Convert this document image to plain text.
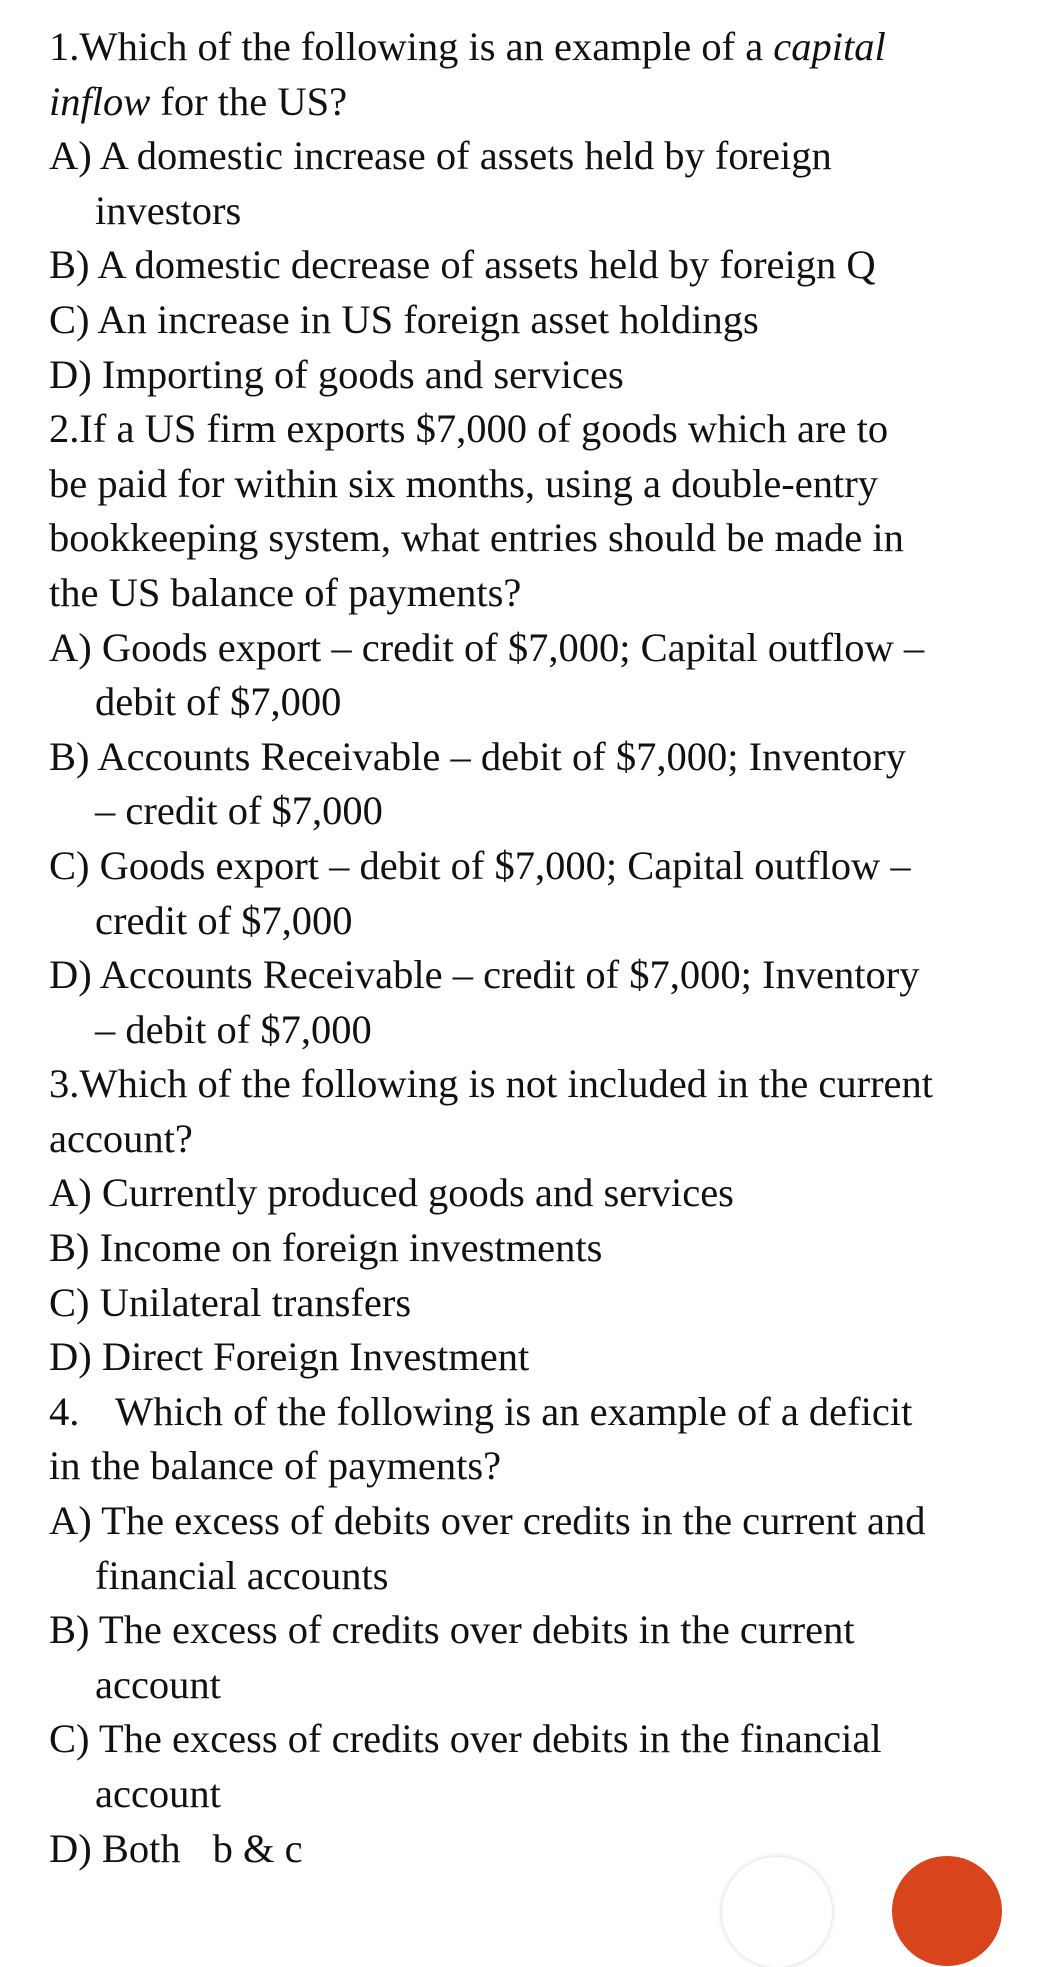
1.Which of the following is an example of a capital
inflow for the US?
A) A domestic increase of assets held by foreign
investors
B) A domestic decrease of assets held by foreign Q
C) An increase in US foreign asset holdings
D) Importing of goods and services
2.If a US firm exports $7,000 of goods which are to
be paid for within six months, using a double-entry
bookkeeping system, what entries should be made in
the US balance of payments?
A) Goods export – credit of $7,000; Capital outflow –
debit of $7,000
B) Accounts Receivable – debit of $7,000; Inventory
– credit of $7,000
C) Goods export – debit of $7,000; Capital outflow –
credit of $7,000
D) Accounts Receivable – credit of $7,000; Inventory
– debit of $7,000
3.Which of the following is not included in the current
account?
A) Currently produced goods and services
B) Income on foreign investments
C) Unilateral transfers
D) Direct Foreign Investment
4. Which of the following is an example of a deficit
in the balance of payments?
A) The excess of debits over credits in the current and
financial accounts
B) The excess of credits over debits in the current
account
C) The excess of credits over debits in the financial
account
D) Both b & c
